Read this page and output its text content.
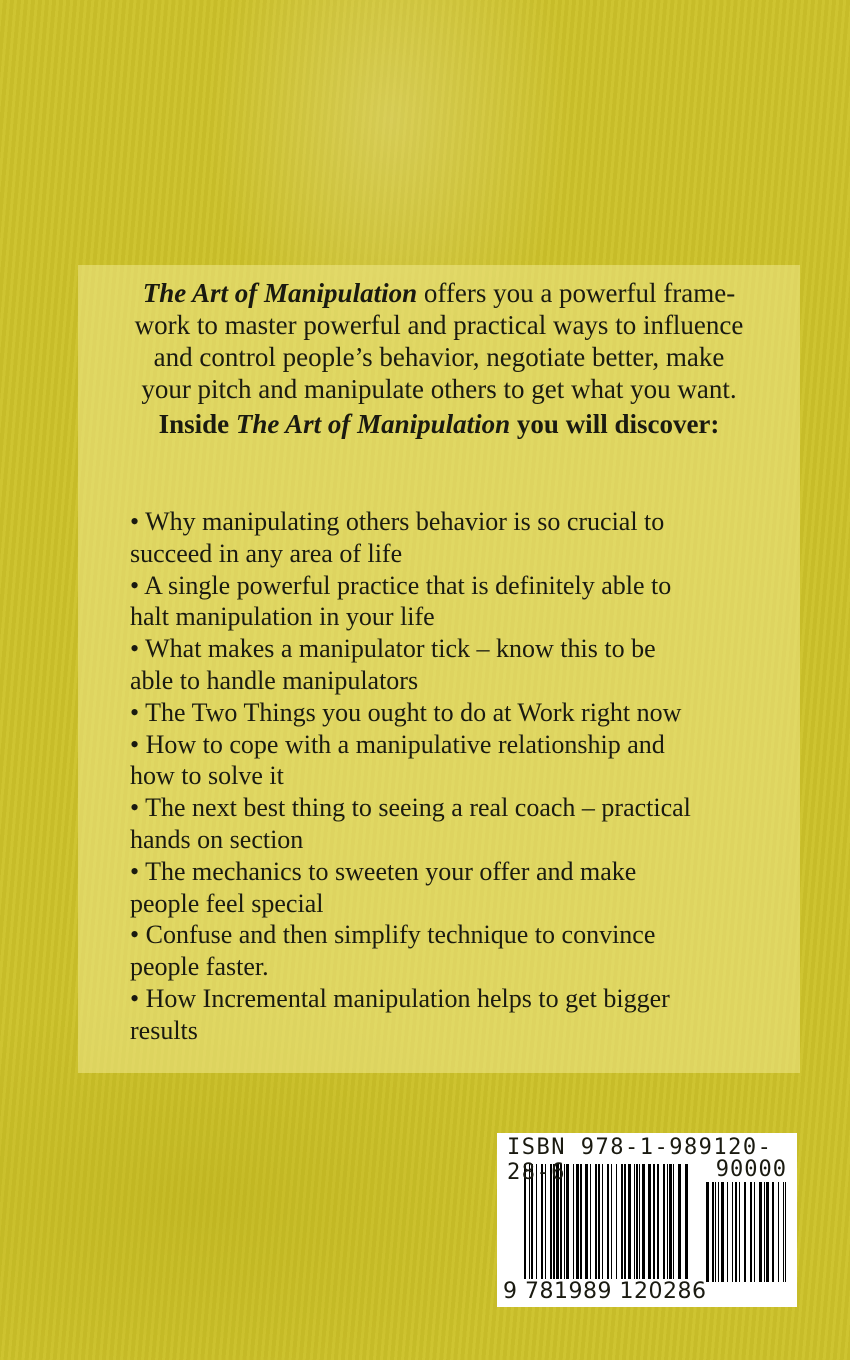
The Art of Manipulation offers you a powerful frame-
work to master powerful and practical ways to influence
and control people’s behavior, negotiate better, make
your pitch and manipulate others to get what you want.
Inside The Art of Manipulation you will discover:
• Why manipulating others behavior is so crucial to
succeed in any area of life
• A single powerful practice that is definitely able to
halt manipulation in your life
• What makes a manipulator tick – know this to be
able to handle manipulators
• The Two Things you ought to do at Work right now
• How to cope with a manipulative relationship and
how to solve it
• The next best thing to seeing a real coach – practical
hands on section
• The mechanics to sweeten your offer and make
people feel special
• Confuse and then simplify technique to convince
people faster.
• How Incremental manipulation helps to get bigger
results
ISBN 978-1-989120-28-6	90000
9 781989 120286
